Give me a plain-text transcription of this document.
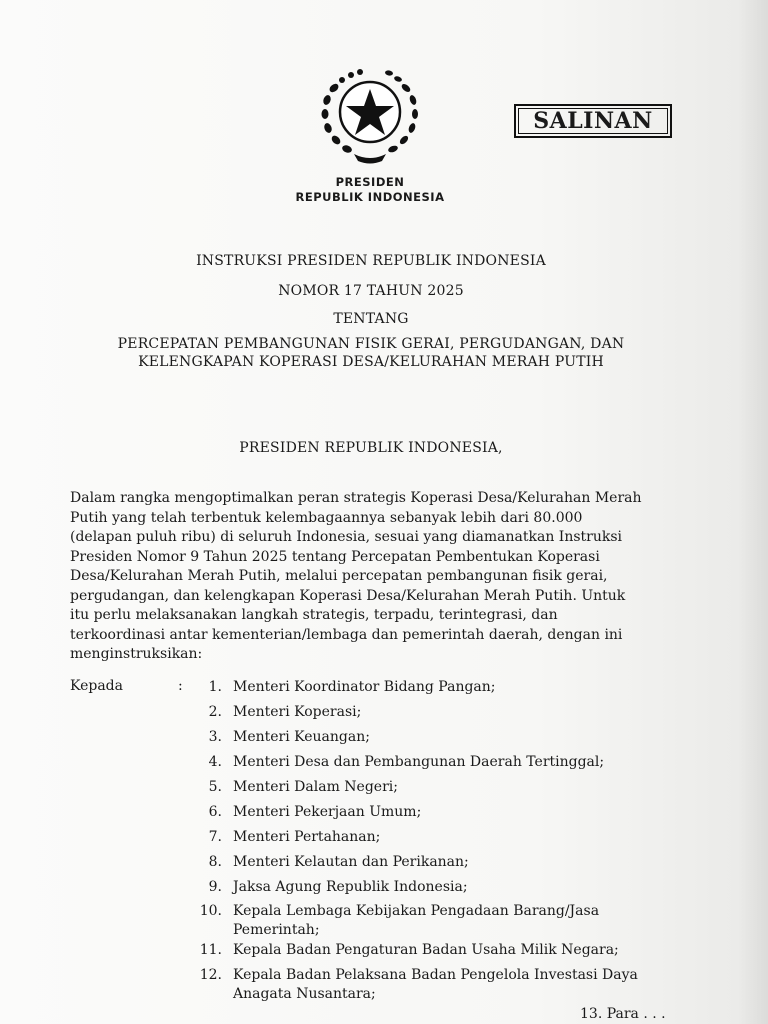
SALINAN
PRESIDEN
REPUBLIK INDONESIA
INSTRUKSI PRESIDEN REPUBLIK INDONESIA
NOMOR 17 TAHUN 2025
TENTANG
PERCEPATAN PEMBANGUNAN FISIK GERAI, PERGUDANGAN, DAN
KELENGKAPAN KOPERASI DESA/KELURAHAN MERAH PUTIH
PRESIDEN REPUBLIK INDONESIA,
Dalam rangka mengoptimalkan peran strategis Koperasi Desa/Kelurahan Merah
Putih yang telah terbentuk kelembagaannya sebanyak lebih dari 80.000
(delapan puluh ribu) di seluruh Indonesia, sesuai yang diamanatkan Instruksi
Presiden Nomor 9 Tahun 2025 tentang Percepatan Pembentukan Koperasi
Desa/Kelurahan Merah Putih, melalui percepatan pembangunan fisik gerai,
pergudangan, dan kelengkapan Koperasi Desa/Kelurahan Merah Putih. Untuk
itu perlu melaksanakan langkah strategis, terpadu, terintegrasi, dan
terkoordinasi antar kementerian/lembaga dan pemerintah daerah, dengan ini
menginstruksikan:
Kepada	:	1. Menteri Koordinator Bidang Pangan;
2. Menteri Koperasi;
3. Menteri Keuangan;
4. Menteri Desa dan Pembangunan Daerah Tertinggal;
5. Menteri Dalam Negeri;
6. Menteri Pekerjaan Umum;
7. Menteri Pertahanan;
8. Menteri Kelautan dan Perikanan;
9. Jaksa Agung Republik Indonesia;
10. Kepala Lembaga Kebijakan Pengadaan Barang/Jasa
Pemerintah;
11. Kepala Badan Pengaturan Badan Usaha Milik Negara;
12. Kepala Badan Pelaksana Badan Pengelola Investasi Daya
Anagata Nusantara;
13. Para . . .
